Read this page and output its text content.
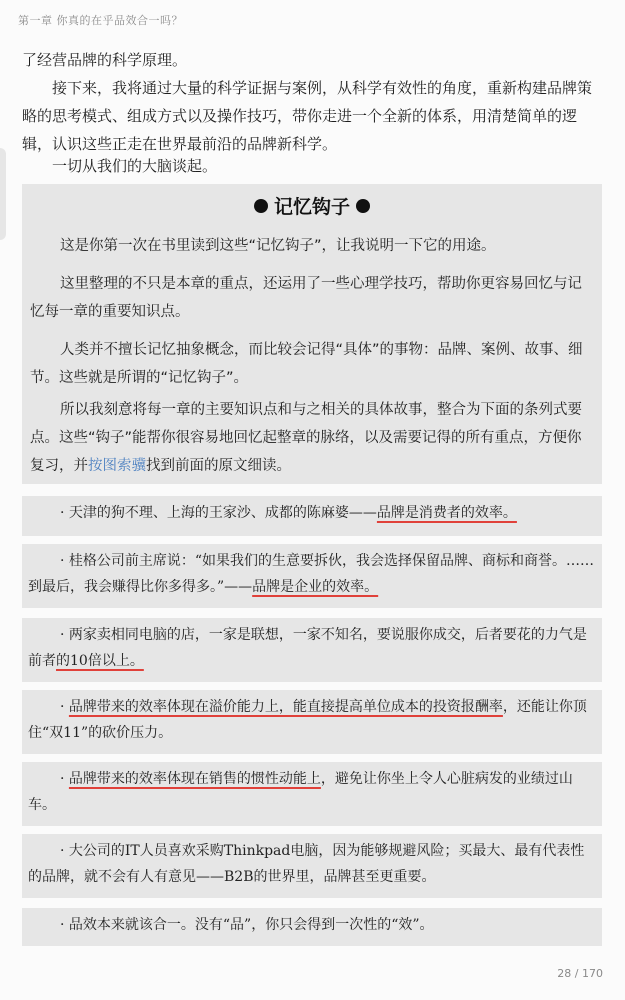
第一章 你真的在乎品效合一吗？

了经营品牌的科学原理。

接下来，我将通过大量的科学证据与案例，从科学有效性的角度，重新构建品牌策略的思考模式、组成方式以及操作技巧，带你走进一个全新的体系，用清楚简单的逻辑，认识这些正走在世界最前沿的品牌新科学。

一切从我们的大脑谈起。

记忆钩子

这是你第一次在书里读到这些“记忆钩子”，让我说明一下它的用途。

这里整理的不只是本章的重点，还运用了一些心理学技巧，帮助你更容易回忆与记忆每一章的重要知识点。

人类并不擅长记忆抽象概念，而比较会记得“具体”的事物：品牌、案例、故事、细节。这些就是所谓的“记忆钩子”。

所以我刻意将每一章的主要知识点和与之相关的具体故事，整合为下面的条列式要点。这些“钩子”能帮你很容易地回忆起整章的脉络，以及需要记得的所有重点，方便你复习，并按图索骥找到前面的原文细读。

· 天津的狗不理、上海的王家沙、成都的陈麻婆——品牌是消费者的效率。

· 桂格公司前主席说：“如果我们的生意要拆伙，我会选择保留品牌、商标和商誉。……到最后，我会赚得比你多得多。”——品牌是企业的效率。

· 两家卖相同电脑的店，一家是联想，一家不知名，要说服你成交，后者要花的力气是前者的10倍以上。

· 品牌带来的效率体现在溢价能力上，能直接提高单位成本的投资报酬率，还能让你顶住“双11”的砍价压力。

· 品牌带来的效率体现在销售的惯性动能上，避免让你坐上令人心脏病发的业绩过山车。

· 大公司的IT人员喜欢采购Thinkpad电脑，因为能够规避风险；买最大、最有代表性的品牌，就不会有人有意见——B2B的世界里，品牌甚至更重要。

· 品效本来就该合一。没有“品”，你只会得到一次性的“效”。

28 / 170
